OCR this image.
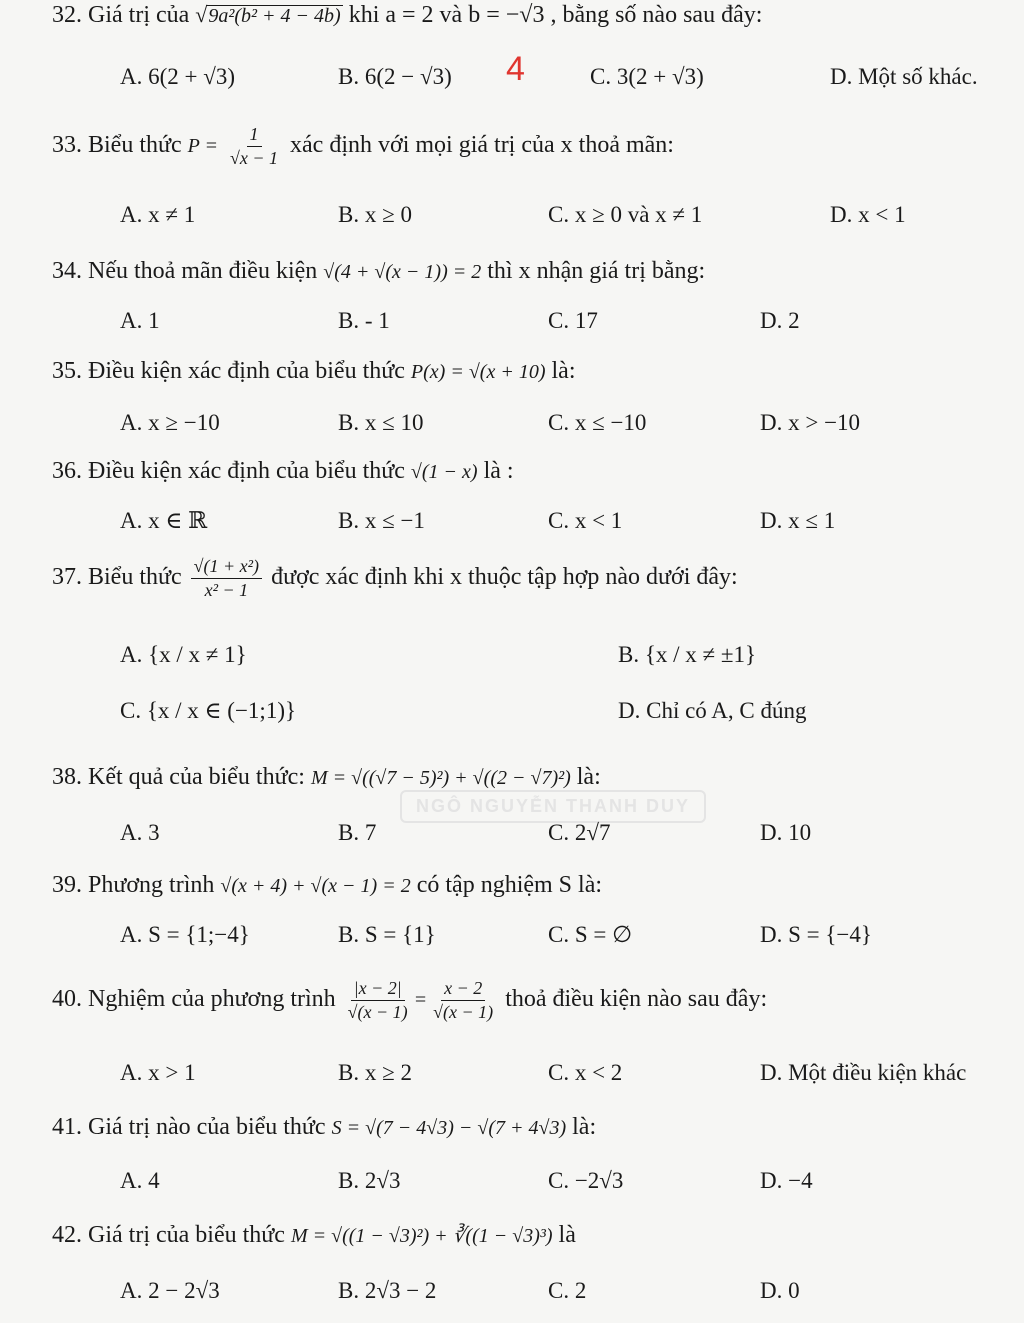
NGÔ NGUYỄN THANH DUY
4
32. Giá trị của √9a²(b² + 4 − 4b) khi a = 2 và b = −√3 , bằng số nào sau đây:
A. 6(2 + √3)	B. 6(2 − √3)	C. 3(2 + √3)	D. Một số khác.
33. Biểu thức $P = \frac{1}{√x - 1}$ xác định với mọi giá trị của x thoả mãn:
A. x ≠ 1	B. x ≥ 0	C. x ≥ 0 và x ≠ 1	D. x < 1
34. Nếu thoả mãn điều kiện √(4 + √(x − 1)) = 2 thì x nhận giá trị bằng:
A. 1	B. - 1	C. 17	D. 2
35. Điều kiện xác định của biểu thức P(x) = √(x + 10) là:
A. x ≥ −10	B. x ≤ 10	C. x ≤ −10	D. x > −10
36. Điều kiện xác định của biểu thức √(1 − x) là :
A. x ∈ ℝ	B. x ≤ −1	C. x < 1	D. x ≤ 1
37. Biểu thức $\frac{\text{√(1 + x²)}}{\text{x² − 1}}$ được xác định khi x thuộc tập hợp nào dưới đây:
A. {x / x ≠ 1}	B. {x / x ≠ ±1}
C. {x / x ∈ (−1;1)}	D. Chỉ có A, C đúng
38. Kết quả của biểu thức: M = √((√7 − 5)²) + √((2 − √7)²) là:
A. 3	B. 7	C. 2√7	D. 10
39. Phương trình √(x + 4) + √(x − 1) = 2 có tập nghiệm S là:
A. S = {1;−4}	B. S = {1}	C. S = ∅	D. S = {−4}
40. Nghiệm của phương trình $\frac{|x - 2|}{√(x - 1)} = \frac{x - 2}{√(x - 1)}$ thoả điều kiện nào sau đây:
A. x > 1	B. x ≥ 2	C. x < 2	D. Một điều kiện khác
41. Giá trị nào của biểu thức S = √(7 − 4√3) − √(7 + 4√3) là:
A. 4	B. 2√3	C. −2√3	D. −4
42. Giá trị của biểu thức M = √((1 − √3)²) + ∛((1 − √3)³) là
A. 2 − 2√3	B. 2√3 − 2	C. 2	D. 0
